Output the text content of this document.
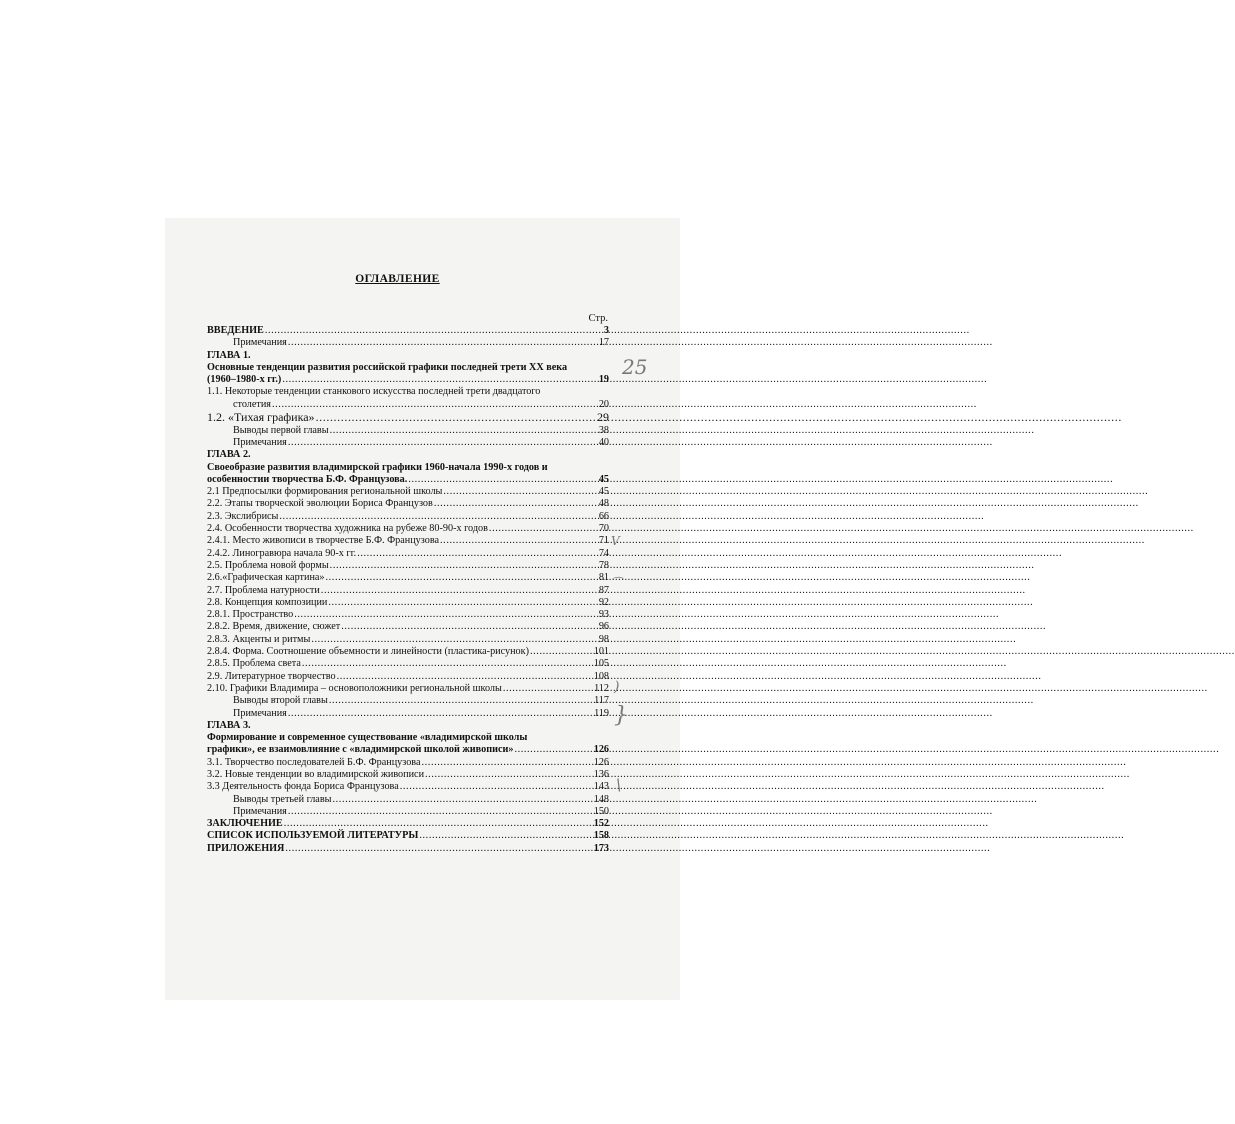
ОГЛАВЛЕНИЕ
Стр.
ВВЕДЕНИЕ .....	3
Примечания .....	17
ГЛАВА 1.
Основные тенденции развития российской графики последней трети XX века
(1960–1980-х гг.) .....	19
1.1. Некоторые тенденции станкового искусства последней трети двадцатого
столетия .....	20
1.2. «Тихая графика» .....	29
Выводы первой главы .....	38
Примечания .....	40
ГЛАВА 2.
Своеобразие развития владимирской графики 1960-начала 1990-х годов и
особенностии творчества Б.Ф. Французова. .....	45
2.1 Предпосылки формирования региональной школы .....	45
2.2. Этапы творческой эволюции Бориса Французов .....	48
2.3. Экслибрисы .....	66
2.4. Особенности творчества художника на рубеже 80-90-х годов .....	70
2.4.1. Место живописи в творчестве Б.Ф. Французова .....	71
2.4.2. Линогравюра начала 90-х гг. .....	74
2.5. Проблема новой формы .....	78
2.6.«Графическая картина» .....	81
2.7. Проблема натурности .....	87
2.8. Концепция композиции .....	92
2.8.1. Пространство .....	93
2.8.2. Время, движение, сюжет .....	96
2.8.3. Акценты и ритмы .....	98
2.8.4. Форма. Соотношение объемности и линейности (пластика-рисунок) .....	101
2.8.5. Проблема света .....	105
2.9. Литературное творчество .....	108
2.10. Графики Владимира – основоположники региональной школы .....	112
Выводы второй главы .....	117
Примечания .....	119
ГЛАВА 3.
Формирование и современное существование «владимирской школы
графики», ее взаимовлияние с «владимирской школой живописи» .....	126
3.1. Творчество последователей Б.Ф. Французова .....	126
3.2. Новые тенденции во владимирской живописи .....	136
3.3 Деятельность фонда Бориса Французова .....	143
Выводы третьей главы .....	148
Примечания .....	150
ЗАКЛЮЧЕНИЕ .....	152
СПИСОК ИСПОЛЬЗУЕМОЙ ЛИТЕРАТУРЫ .....	158
ПРИЛОЖЕНИЯ .....	173
25
V
⌒
)
}
\
